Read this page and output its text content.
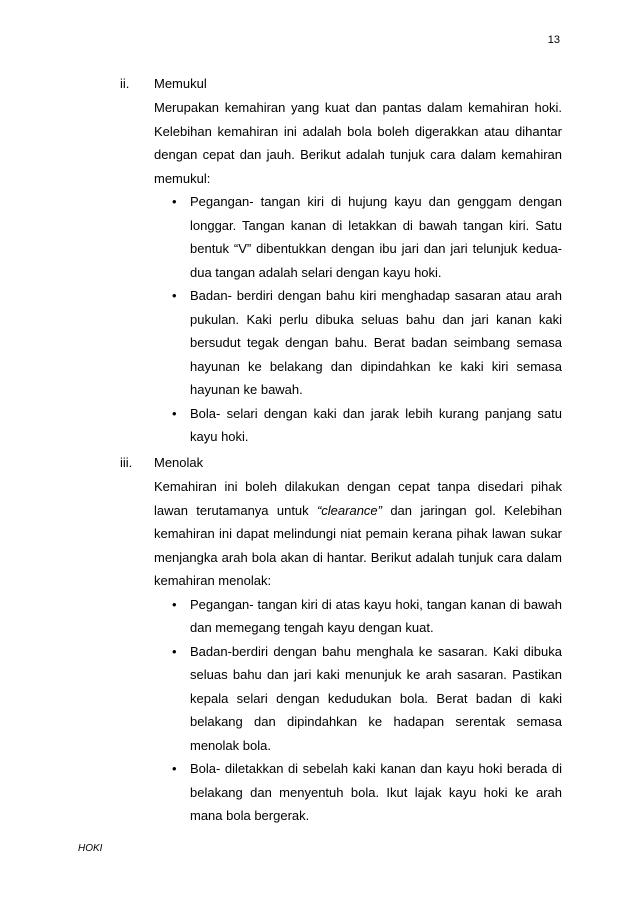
13
ii. Memukul
Merupakan kemahiran yang kuat dan pantas dalam kemahiran hoki. Kelebihan kemahiran ini adalah bola boleh digerakkan atau dihantar dengan cepat dan jauh. Berikut adalah tunjuk cara dalam kemahiran memukul:
• Pegangan- tangan kiri di hujung kayu dan genggam dengan longgar. Tangan kanan di letakkan di bawah tangan kiri. Satu bentuk “V” dibentukkan dengan ibu jari dan jari telunjuk kedua-dua tangan adalah selari dengan kayu hoki.
• Badan- berdiri dengan bahu kiri menghadap sasaran atau arah pukulan. Kaki perlu dibuka seluas bahu dan jari kanan kaki bersudut tegak dengan bahu. Berat badan seimbang semasa hayunan ke belakang dan dipindahkan ke kaki kiri semasa hayunan ke bawah.
• Bola- selari dengan kaki dan jarak lebih kurang panjang satu kayu hoki.
iii. Menolak
Kemahiran ini boleh dilakukan dengan cepat tanpa disedari pihak lawan terutamanya untuk “clearance” dan jaringan gol. Kelebihan kemahiran ini dapat melindungi niat pemain kerana pihak lawan sukar menjangka arah bola akan di hantar. Berikut adalah tunjuk cara dalam kemahiran menolak:
• Pegangan- tangan kiri di atas kayu hoki, tangan kanan di bawah dan memegang tengah kayu dengan kuat.
• Badan-berdiri dengan bahu menghala ke sasaran. Kaki dibuka seluas bahu dan jari kaki menunjuk ke arah sasaran. Pastikan kepala selari dengan kedudukan bola. Berat badan di kaki belakang dan dipindahkan ke hadapan serentak semasa menolak bola.
• Bola- diletakkan di sebelah kaki kanan dan kayu hoki berada di belakang dan menyentuh bola. Ikut lajak kayu hoki ke arah mana bola bergerak.
HOKI
